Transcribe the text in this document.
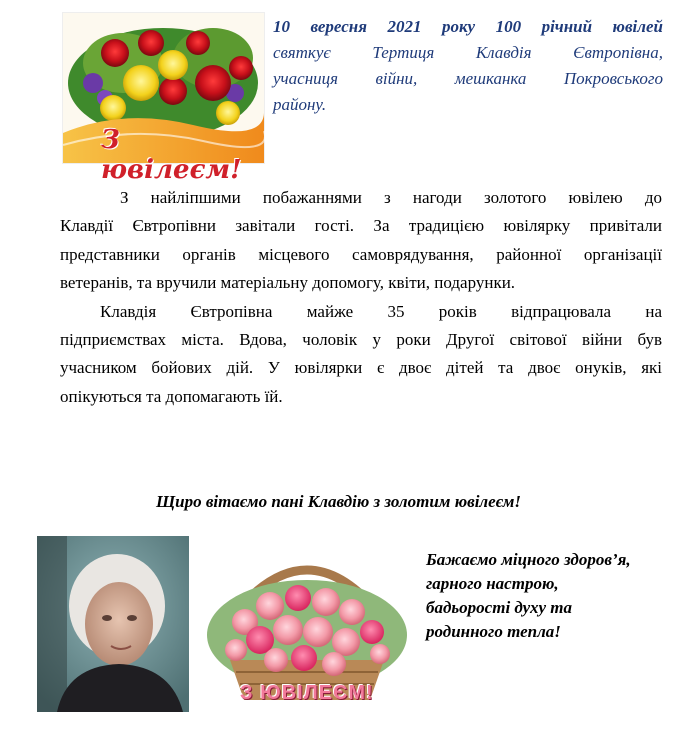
З ювілеєм!
10 вересня 2021 року 100 річний ювілей
святкує Тертиця Клавдія Євтропівна,
учасниця війни, мешканка Покровського
району.
З найліпшими побажаннями з нагоди золотого ювілею до
Клавдії Євтропівни завітали гості. За традицією ювілярку привітали
представники органів місцевого самоврядування, районної організації
ветеранів, та вручили матеріальну допомогу, квіти, подарунки.
Клавдія Євтропівна майже 35 років відпрацювала на
підприємствах міста. Вдова, чоловік у роки Другої світової війни був
учасником бойових дій. У ювілярки є двоє дітей та двоє онуків, які
опікуються та допомагають їй.
Щиро вітаємо пані Клавдію з золотим ювілеєм!
З ЮВІЛЕЄМ!
Бажаємо міцного здоров’я,
гарного настрою,
бадьорості духу та
родинного тепла!
